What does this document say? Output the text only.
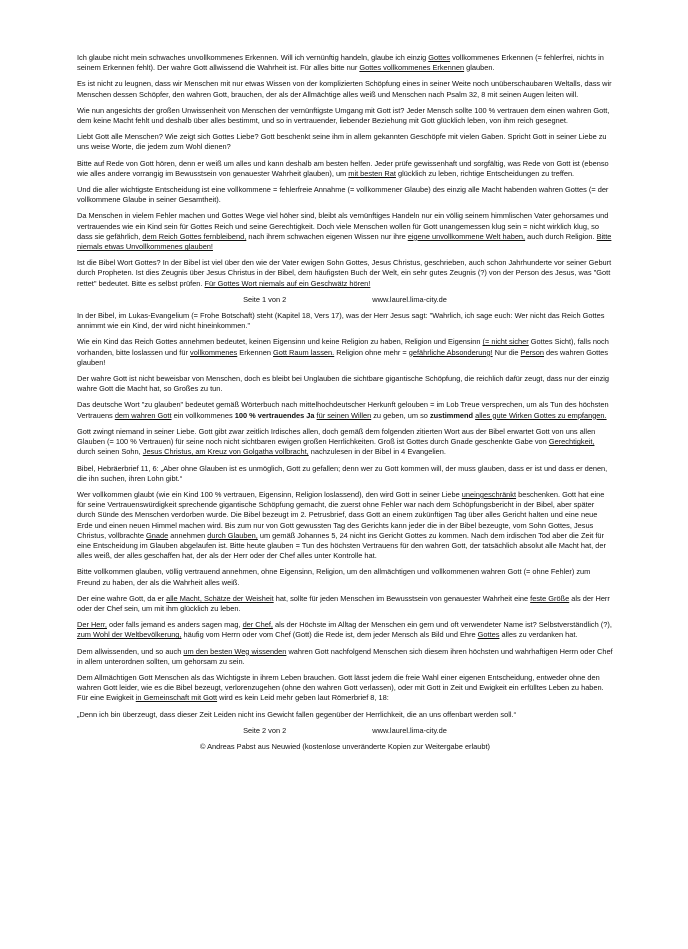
Ich glaube nicht mein schwaches unvollkommenes Erkennen. Will ich vernünftig handeln, glaube ich einzig Gottes vollkommenes Erkennen (= fehlerfrei, nichts in seinem Erkennen fehlt). Der wahre Gott allwissend die Wahrheit ist. Für alles bitte nur Gottes vollkommenes Erkennen glauben.

Es ist nicht zu leugnen, dass wir Menschen mit nur etwas Wissen von der komplizierten Schöpfung eines in seiner Weite noch unüberschaubaren Weltalls, dass wir Menschen dessen Schöpfer, den wahren Gott, brauchen, der als der Allmächtige alles weiß und Menschen nach Psalm 32, 8 mit seinen Augen leiten will.

Wie nun angesichts der großen Unwissenheit von Menschen der vernünftigste Umgang mit Gott ist? Jeder Mensch sollte 100 % vertrauen dem einen wahren Gott, dem keine Macht fehlt und deshalb über alles bestimmt, und so in vertrauender, liebender Beziehung mit Gott glücklich leben, von ihm reich gesegnet.

Liebt Gott alle Menschen? Wie zeigt sich Gottes Liebe? Gott beschenkt seine ihm in allem gekannten Geschöpfe mit vielen Gaben. Spricht Gott in seiner Liebe zu uns weise Worte, die jedem zum Wohl dienen?

Bitte auf Rede von Gott hören, denn er weiß um alles und kann deshalb am besten helfen. Jeder prüfe gewissenhaft und sorgfältig, was Rede von Gott ist (ebenso wie alles andere vorrangig im Bewusstsein von genauester Wahrheit glauben), um mit besten Rat glücklich zu leben, richtige Entscheidungen zu treffen.

Und die aller wichtigste Entscheidung ist eine vollkommene = fehlerfreie Annahme (= vollkommener Glaube) des einzig alle Macht habenden wahren Gottes (= der vollkommene Glaube in seiner Gesamtheit).

Da Menschen in vielem Fehler machen und Gottes Wege viel höher sind, bleibt als vernünftiges Handeln nur ein völlig seinem himmlischen Vater gehorsames und vertrauendes wie ein Kind sein für Gottes Reich und seine Gerechtigkeit. Doch viele Menschen wollen für Gott unangemessen klug sein = nicht wirklich klug, so dass sie gefährlich, dem Reich Gottes fernbleibend, nach ihrem schwachen eigenen Wissen nur ihre eigene unvollkommene Welt haben, auch durch Religion. Bitte niemals etwas Unvollkommenes glauben!

Ist die Bibel Wort Gottes? In der Bibel ist viel über den wie der Vater ewigen Sohn Gottes, Jesus Christus, geschrieben, auch schon Jahrhunderte vor seiner Geburt durch Propheten. Ist dies Zeugnis über Jesus Christus in der Bibel, dem häufigsten Buch der Welt, ein sehr gutes Zeugnis (?) von der Person des Jesus, was "Gott rettet" bedeutet. Bitte es selbst prüfen. Für Gottes Wort niemals auf ein Geschwätz hören!

Seite 1 von 2	www.laurel.lima-city.de

In der Bibel, im Lukas-Evangelium (= Frohe Botschaft) steht (Kapitel 18, Vers 17), was der Herr Jesus sagt: "Wahrlich, ich sage euch: Wer nicht das Reich Gottes annimmt wie ein Kind, der wird nicht hineinkommen."

Wie ein Kind das Reich Gottes annehmen bedeutet, keinen Eigensinn und keine Religion zu haben, Religion und Eigensinn (= nicht sicher Gottes Sicht), falls noch vorhanden, bitte loslassen und für vollkommenes Erkennen Gott Raum lassen. Religion ohne mehr = gefährliche Absonderung! Nur die Person des wahren Gottes glauben!

Der wahre Gott ist nicht beweisbar von Menschen, doch es bleibt bei Unglauben die sichtbare gigantische Schöpfung, die reichlich dafür zeugt, dass nur der einzig wahre Gott die Macht hat, so Großes zu tun.

Das deutsche Wort "zu glauben" bedeutet gemäß Wörterbuch nach mittelhochdeutscher Herkunft gelouben = im Lob Treue versprechen, um als Tun des höchsten Vertrauens dem wahren Gott ein vollkommenes 100 % vertrauendes Ja für seinen Willen zu geben, um so zustimmend alles gute Wirken Gottes zu empfangen.

Gott zwingt niemand in seiner Liebe. Gott gibt zwar zeitlich Irdisches allen, doch gemäß dem folgenden zitierten Wort aus der Bibel erwartet Gott von uns allen Glauben (= 100 % Vertrauen) für seine noch nicht sichtbaren ewigen großen Herrlichkeiten. Groß ist Gottes durch Gnade geschenkte Gabe von Gerechtigkeit, durch seinen Sohn, Jesus Christus, am Kreuz von Golgatha vollbracht, nachzulesen in der Bibel in 4 Evangelien.

Bibel, Hebräerbrief 11, 6: „Aber ohne Glauben ist es unmöglich, Gott zu gefallen; denn wer zu Gott kommen will, der muss glauben, dass er ist und dass er denen, die ihn suchen, ihren Lohn gibt.“

Wer vollkommen glaubt (wie ein Kind 100 % vertrauen, Eigensinn, Religion loslassend), den wird Gott in seiner Liebe uneingeschränkt beschenken. Gott hat eine für seine Vertrauenswürdigkeit sprechende gigantische Schöpfung gemacht, die zuerst ohne Fehler war nach dem Schöpfungsbericht in der Bibel, aber später durch Sünde des Menschen verdorben wurde. Die Bibel bezeugt im 2. Petrusbrief, dass Gott an einem zukünftigen Tag über alles Gericht halten und eine neue Erde und einen neuen Himmel machen wird. Bis zum nur von Gott gewussten Tag des Gerichts kann jeder die in der Bibel bezeugte, vom Sohn Gottes, Jesus Christus, vollbrachte Gnade annehmen durch Glauben, um gemäß Johannes 5, 24 nicht ins Gericht Gottes zu kommen. Nach dem irdischen Tod aber die Zeit für eine Entscheidung im Glauben abgelaufen ist. Bitte heute glauben = Tun des höchsten Vertrauens für den wahren Gott, der tatsächlich absolut alle Macht hat, der alles weiß, der alles geschaffen hat, der als der Herr oder der Chef alles unter Kontrolle hat.

Bitte vollkommen glauben, völlig vertrauend annehmen, ohne Eigensinn, Religion, um den allmächtigen und vollkommenen wahren Gott (= ohne Fehler) zum Freund zu haben, der als die Wahrheit alles weiß.

Der eine wahre Gott, da er alle Macht, Schätze der Weisheit hat, sollte für jeden Menschen im Bewusstsein von genauester Wahrheit eine feste Größe als der Herr oder der Chef sein, um mit ihm glücklich zu leben.

Der Herr, oder falls jemand es anders sagen mag, der Chef, als der Höchste im Alltag der Menschen ein gern und oft verwendeter Name ist? Selbstverständlich (?), zum Wohl der Weltbevölkerung, häufig vom Herrn oder vom Chef (Gott) die Rede ist, dem jeder Mensch als Bild und Ehre Gottes alles zu verdanken hat.

Dem allwissenden, und so auch um den besten Weg wissenden wahren Gott nachfolgend Menschen sich diesem ihren höchsten und wahrhaftigen Herrn oder Chef in allem unterordnen sollten, um gehorsam zu sein.

Dem Allmächtigen Gott Menschen als das Wichtigste in ihrem Leben brauchen. Gott lässt jedem die freie Wahl einer eigenen Entscheidung, entweder ohne den wahren Gott leider, wie es die Bibel bezeugt, verlorenzugehen (ohne den wahren Gott verlassen), oder mit Gott in Zeit und Ewigkeit ein erfülltes Leben zu haben. Für eine Ewigkeit in Gemeinschaft mit Gott wird es kein Leid mehr geben laut Römerbrief 8, 18:

„Denn ich bin überzeugt, dass dieser Zeit Leiden nicht ins Gewicht fallen gegenüber der Herrlichkeit, die an uns offenbart werden soll.“

Seite 2 von 2	www.laurel.lima-city.de
© Andreas Pabst aus Neuwied (kostenlose unveränderte Kopien zur Weitergabe erlaubt)
